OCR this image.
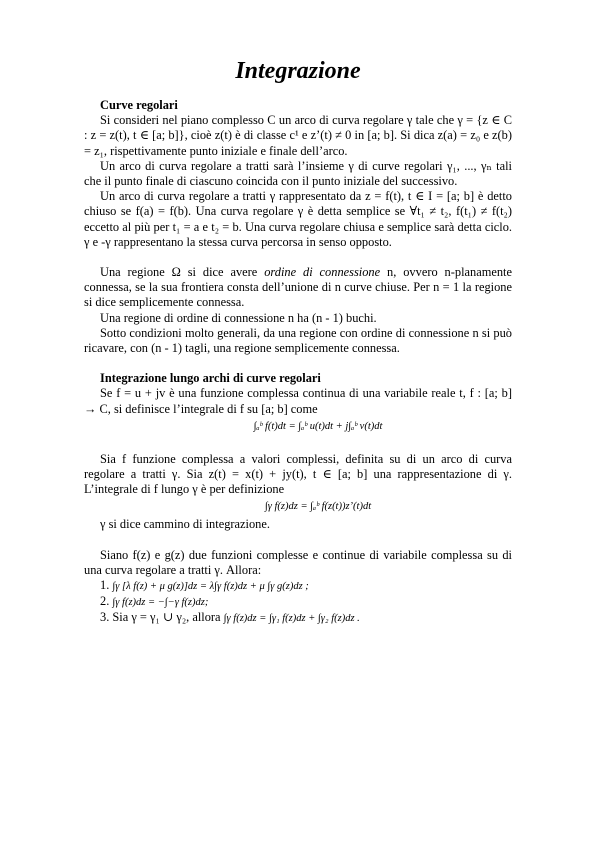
Integrazione

Curve regolari

Si consideri nel piano complesso C un arco di curva regolare γ tale che γ = {z ∈ C : z = z(t), t ∈ [a; b]}, cioè z(t) è di classe c¹ e z’(t) ≠ 0 in [a; b]. Si dica z(a) = z₀ e z(b) = z₁, rispettivamente punto iniziale e finale dell’arco.

Un arco di curva regolare a tratti sarà l’insieme γ di curve regolari γ₁, ..., γₙ tali che il punto finale di ciascuno coincida con il punto iniziale del successivo.

Un arco di curva regolare a tratti γ rappresentato da z = f(t), t ∈ I = [a; b] è detto chiuso se f(a) = f(b). Una curva regolare γ è detta semplice se ∀t₁ ≠ t₂, f(t₁) ≠ f(t₂) eccetto al più per t₁ = a e t₂ = b. Una curva regolare chiusa e semplice sarà detta ciclo. γ e -γ rappresentano la stessa curva percorsa in senso opposto.

Una regione Ω si dice avere ordine di connessione n, ovvero n-planamente connessa, se la sua frontiera consta dell’unione di n curve chiuse. Per n = 1 la regione si dice semplicemente connessa.

Una regione di ordine di connessione n ha (n - 1) buchi.

Sotto condizioni molto generali, da una regione con ordine di connessione n si può ricavare, con (n - 1) tagli, una regione semplicemente connessa.

Integrazione lungo archi di curve regolari

Se f = u + jv è una funzione complessa continua di una variabile reale t, f : [a; b] → C, si definisce l’integrale di f su [a; b] come

∫ₐᵇ f(t)dt = ∫ₐᵇ u(t)dt + j∫ₐᵇ v(t)dt

Sia f funzione complessa a valori complessi, definita su di un arco di curva regolare a tratti γ. Sia z(t) = x(t) + jy(t), t ∈ [a; b] una rappresentazione di γ. L’integrale di f lungo γ è per definizione

∫γ f(z)dz = ∫ₐᵇ f(z(t))z’(t)dt

γ si dice cammino di integrazione.

Siano f(z) e g(z) due funzioni complesse e continue di variabile complessa su di una curva regolare a tratti γ. Allora:

1. ∫γ [λ f(z) + μ g(z)]dz = λ∫γ f(z)dz + μ ∫γ g(z)dz ;

2. ∫γ f(z)dz = −∫−γ f(z)dz;

3. Sia γ = γ₁ ∪ γ₂, allora ∫γ f(z)dz = ∫γ₁ f(z)dz + ∫γ₂ f(z)dz .
